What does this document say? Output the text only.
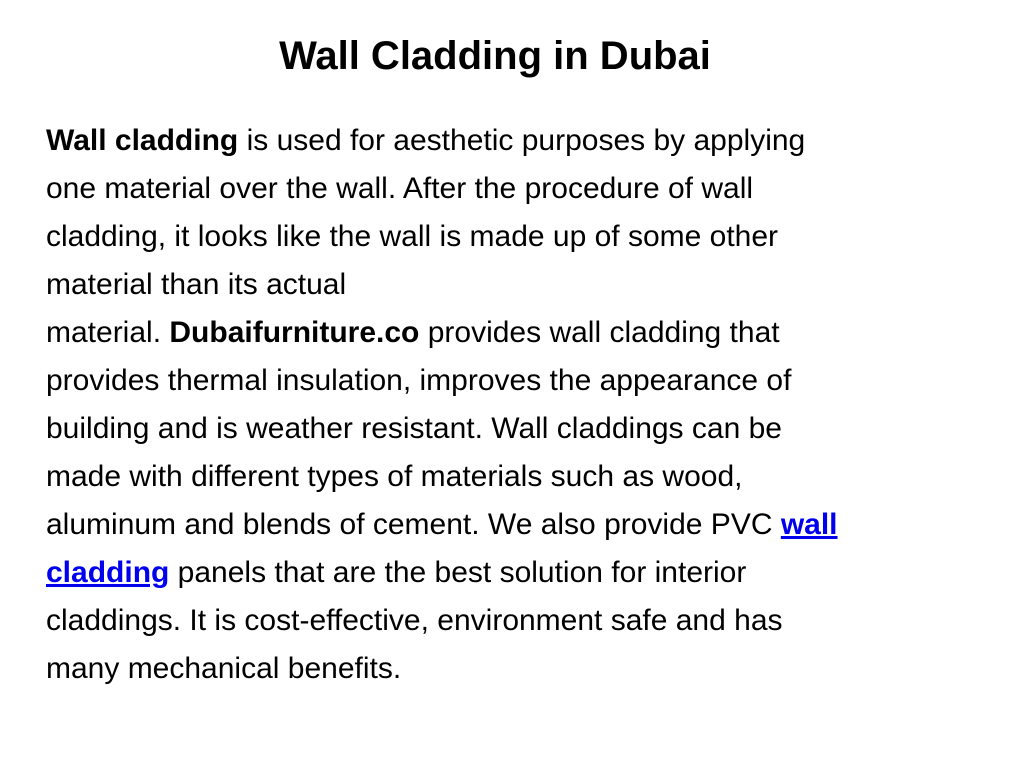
Wall Cladding in Dubai
Wall cladding is used for aesthetic purposes by applying
one material over the wall. After the procedure of wall
cladding, it looks like the wall is made up of some other
material than its actual
material. Dubaifurniture.co provides wall cladding that
provides thermal insulation, improves the appearance of
building and is weather resistant. Wall claddings can be
made with different types of materials such as wood,
aluminum and blends of cement. We also provide PVC wall
cladding panels that are the best solution for interior
claddings. It is cost-effective, environment safe and has
many mechanical benefits.
